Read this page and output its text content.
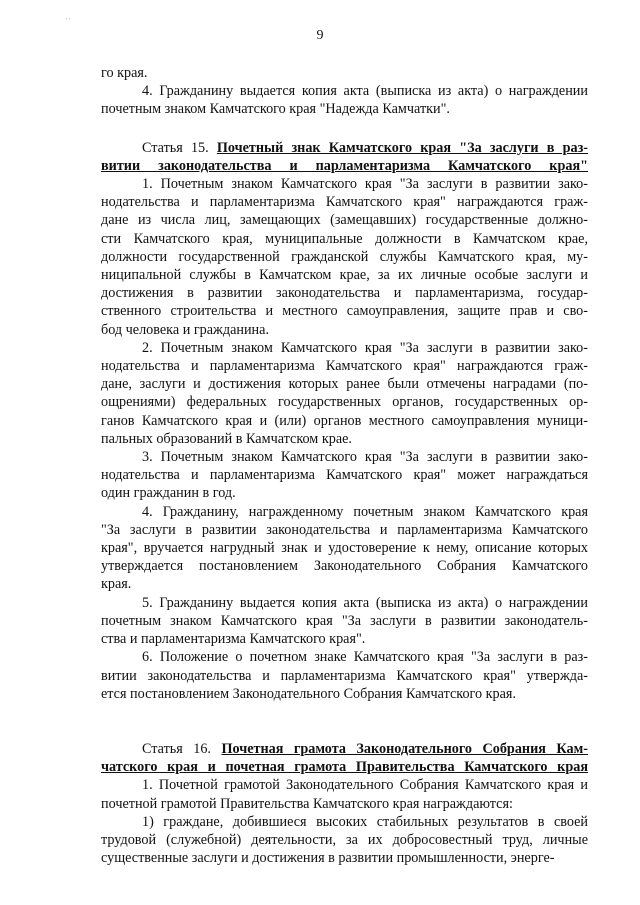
' '
9

го края.

4. Гражданину выдается копия акта (выписка из акта) о награждении

почетным знаком Камчатского края "Надежда Камчатки".

Статья 15. Почетный знак Камчатского края "За заслуги в раз-
витии законодательства и парламентаризма Камчатского края"

1. Почетным знаком Камчатского края "За заслуги в развитии зако-

нодательства и парламентаризма Камчатского края" награждаются граж-

дане из числа лиц, замещающих (замещавших) государственные должно-

сти Камчатского края, муниципальные должности в Камчатском крае,

должности государственной гражданской службы Камчатского края, му-

ниципальной службы в Камчатском крае, за их личные особые заслуги и

достижения в развитии законодательства и парламентаризма, государ-

ственного строительства и местного самоуправления, защите прав и сво-

бод человека и гражданина.

2. Почетным знаком Камчатского края "За заслуги в развитии зако-

нодательства и парламентаризма Камчатского края" награждаются граж-

дане, заслуги и достижения которых ранее были отмечены наградами (по-

ощрениями) федеральных государственных органов, государственных ор-

ганов Камчатского края и (или) органов местного самоуправления муници-

пальных образований в Камчатском крае.

3. Почетным знаком Камчатского края "За заслуги в развитии зако-

нодательства и парламентаризма Камчатского края" может награждаться

один гражданин в год.

4. Гражданину, награжденному почетным знаком Камчатского края

"За заслуги в развитии законодательства и парламентаризма Камчатского

края", вручается нагрудный знак и удостоверение к нему, описание которых

утверждается постановлением Законодательного Собрания Камчатского

края.

5. Гражданину выдается копия акта (выписка из акта) о награждении

почетным знаком Камчатского края "За заслуги в развитии законодатель-

ства и парламентаризма Камчатского края".

6. Положение о почетном знаке Камчатского края "За заслуги в раз-

витии законодательства и парламентаризма Камчатского края" утвержда-

ется постановлением Законодательного Собрания Камчатского края.

Статья 16. Почетная грамота Законодательного Собрания Кам-
чатского края и почетная грамота Правительства Камчатского края

1. Почетной грамотой Законодательного Собрания Камчатского края и

почетной грамотой Правительства Камчатского края награждаются:

1) граждане, добившиеся высоких стабильных результатов в своей

трудовой (служебной) деятельности, за их добросовестный труд, личные

существенные заслуги и достижения в развитии промышленности, энерге-
